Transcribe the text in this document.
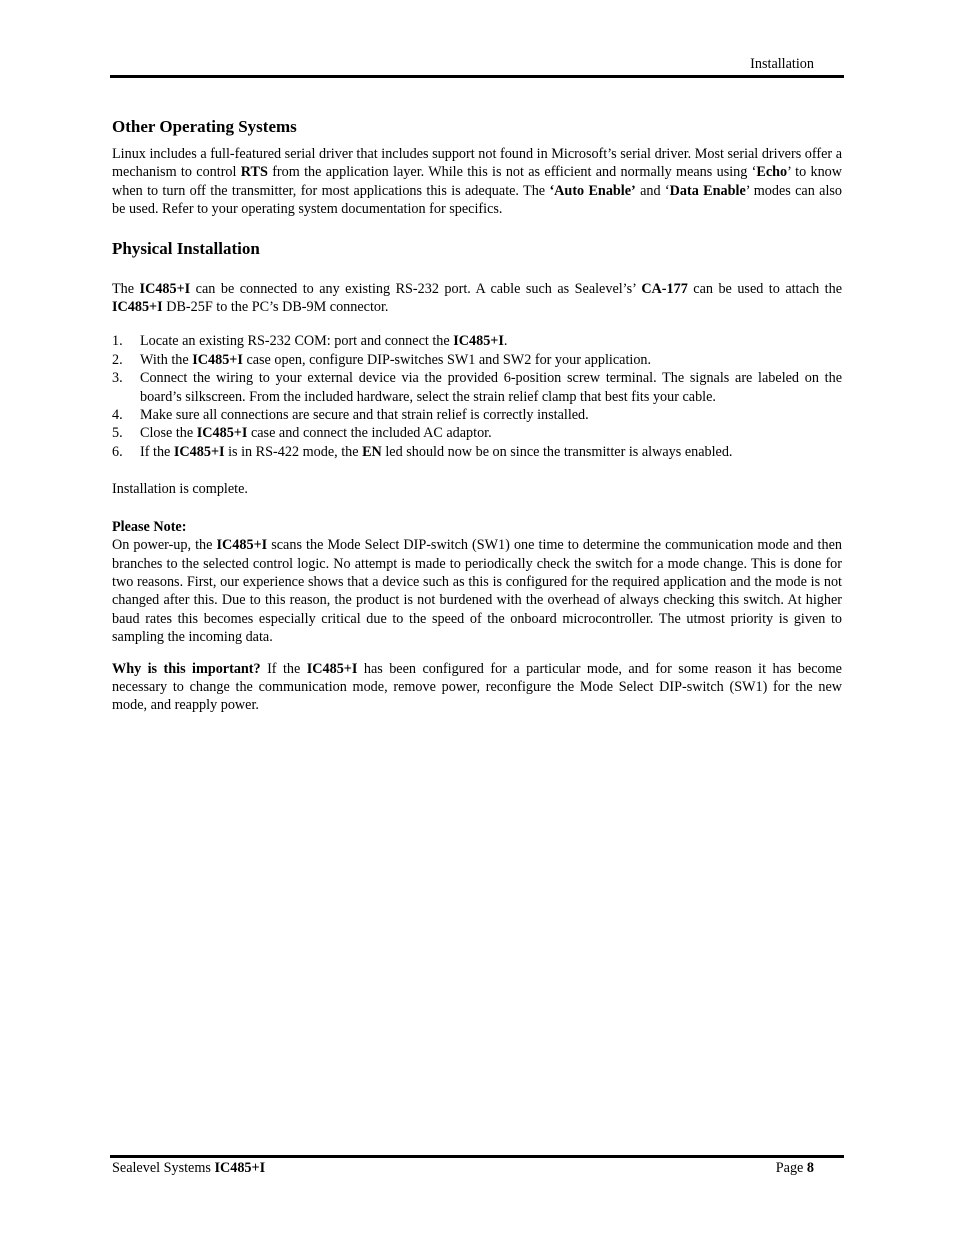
Installation
Other Operating Systems

Linux includes a full-featured serial driver that includes support not found in Microsoft’s serial driver. Most serial drivers offer a mechanism to control RTS from the application layer. While this is not as efficient and normally means using ‘Echo’ to know when to turn off the transmitter, for most applications this is adequate. The ‘Auto Enable’ and ‘Data Enable’ modes can also be used. Refer to your operating system documentation for specifics.

Physical Installation

The IC485+I can be connected to any existing RS-232 port. A cable such as Sealevel’s’ CA-177 can be used to attach the IC485+I DB-25F to the PC’s DB-9M connector.

1. Locate an existing RS-232 COM: port and connect the IC485+I.
2. With the IC485+I case open, configure DIP-switches SW1 and SW2 for your application.
3. Connect the wiring to your external device via the provided 6-position screw terminal. The signals are labeled on the board’s silkscreen. From the included hardware, select the strain relief clamp that best fits your cable.
4. Make sure all connections are secure and that strain relief is correctly installed.
5. Close the IC485+I case and connect the included AC adaptor.
6. If the IC485+I is in RS-422 mode, the EN led should now be on since the transmitter is always enabled.

Installation is complete.

Please Note:

On power-up, the IC485+I scans the Mode Select DIP-switch (SW1) one time to determine the communication mode and then branches to the selected control logic. No attempt is made to periodically check the switch for a mode change. This is done for two reasons. First, our experience shows that a device such as this is configured for the required application and the mode is not changed after this. Due to this reason, the product is not burdened with the overhead of always checking this switch. At higher baud rates this becomes especially critical due to the speed of the onboard microcontroller. The utmost priority is given to sampling the incoming data.

Why is this important? If the IC485+I has been configured for a particular mode, and for some reason it has become necessary to change the communication mode, remove power, reconfigure the Mode Select DIP-switch (SW1) for the new mode, and reapply power.

Sealevel Systems IC485+I	Page 8
